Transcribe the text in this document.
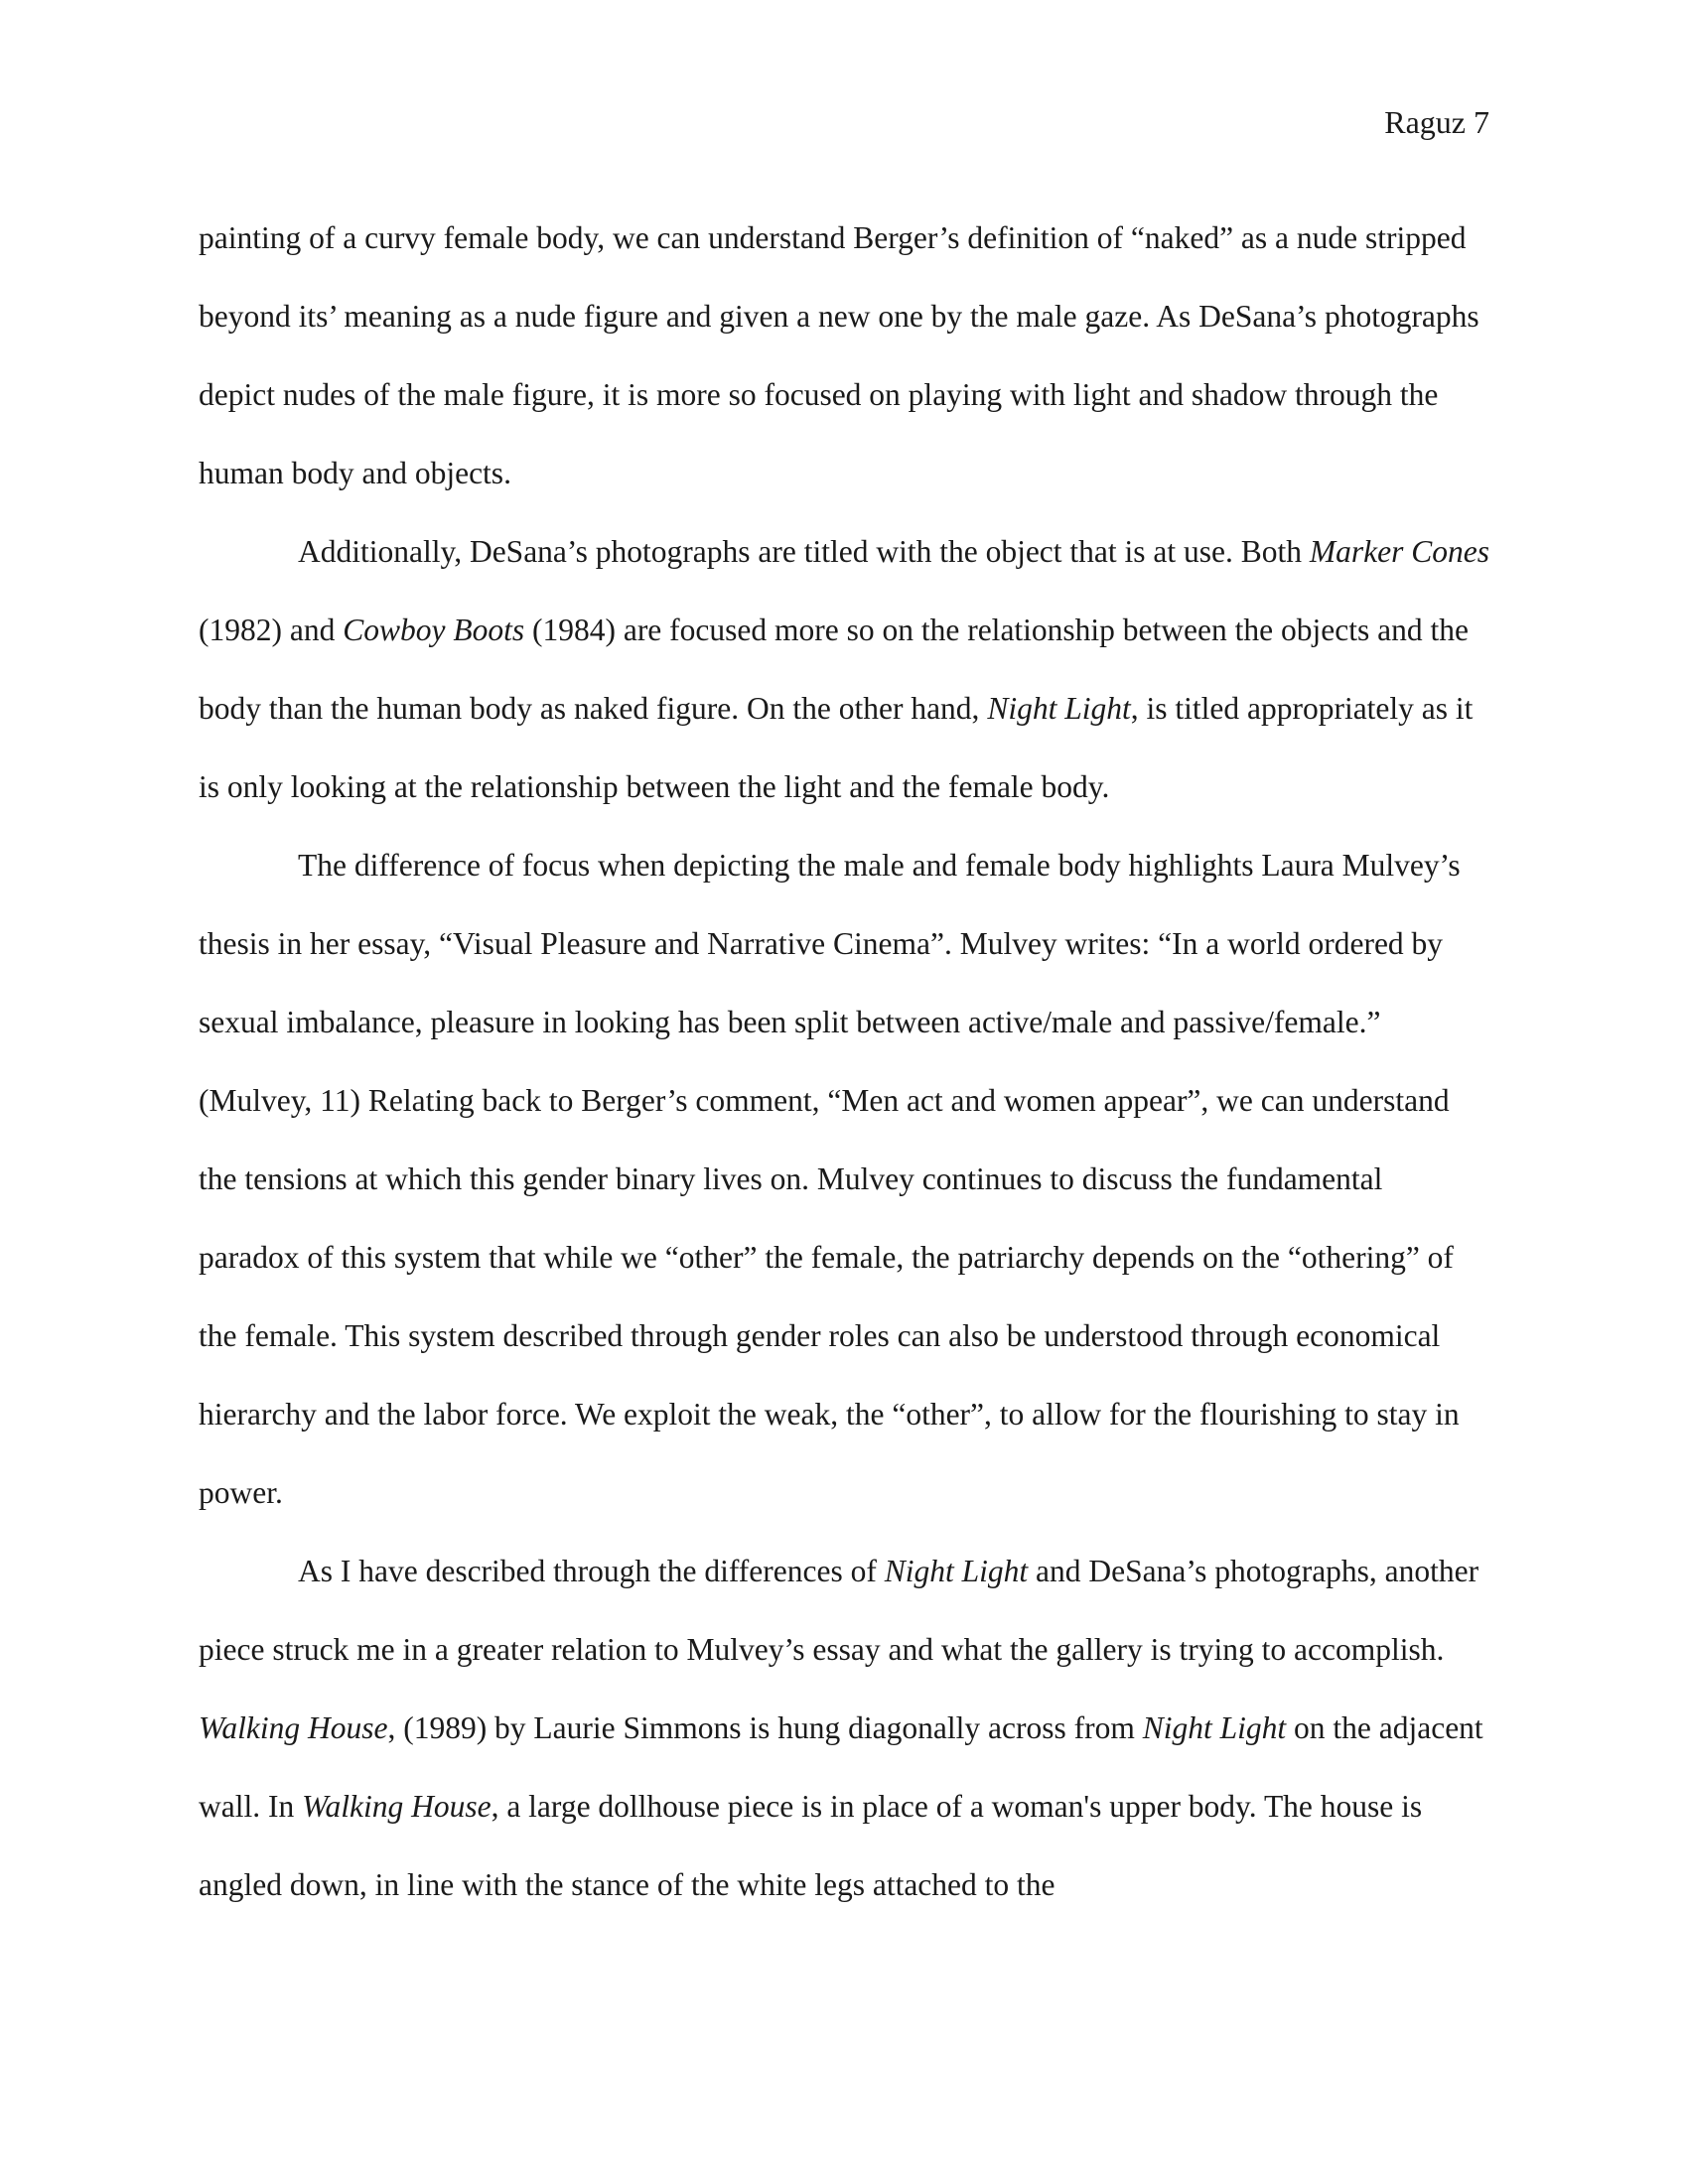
Raguz 7

painting of a curvy female body, we can understand Berger’s definition of “naked” as a nude stripped beyond its’ meaning as a nude figure and given a new one by the male gaze. As DeSana’s photographs depict nudes of the male figure, it is more so focused on playing with light and shadow through the human body and objects.

Additionally, DeSana’s photographs are titled with the object that is at use. Both Marker Cones (1982) and Cowboy Boots (1984) are focused more so on the relationship between the objects and the body than the human body as naked figure. On the other hand, Night Light, is titled appropriately as it is only looking at the relationship between the light and the female body.

The difference of focus when depicting the male and female body highlights Laura Mulvey’s thesis in her essay, “Visual Pleasure and Narrative Cinema”. Mulvey writes: “In a world ordered by sexual imbalance, pleasure in looking has been split between active/male and passive/female.” (Mulvey, 11) Relating back to Berger’s comment, “Men act and women appear”, we can understand the tensions at which this gender binary lives on. Mulvey continues to discuss the fundamental paradox of this system that while we “other” the female, the patriarchy depends on the “othering” of the female. This system described through gender roles can also be understood through economical hierarchy and the labor force. We exploit the weak, the “other”, to allow for the flourishing to stay in power.

As I have described through the differences of Night Light and DeSana’s photographs, another piece struck me in a greater relation to Mulvey’s essay and what the gallery is trying to accomplish. Walking House, (1989) by Laurie Simmons is hung diagonally across from Night Light on the adjacent wall. In Walking House, a large dollhouse piece is in place of a woman's upper body. The house is angled down, in line with the stance of the white legs attached to the
